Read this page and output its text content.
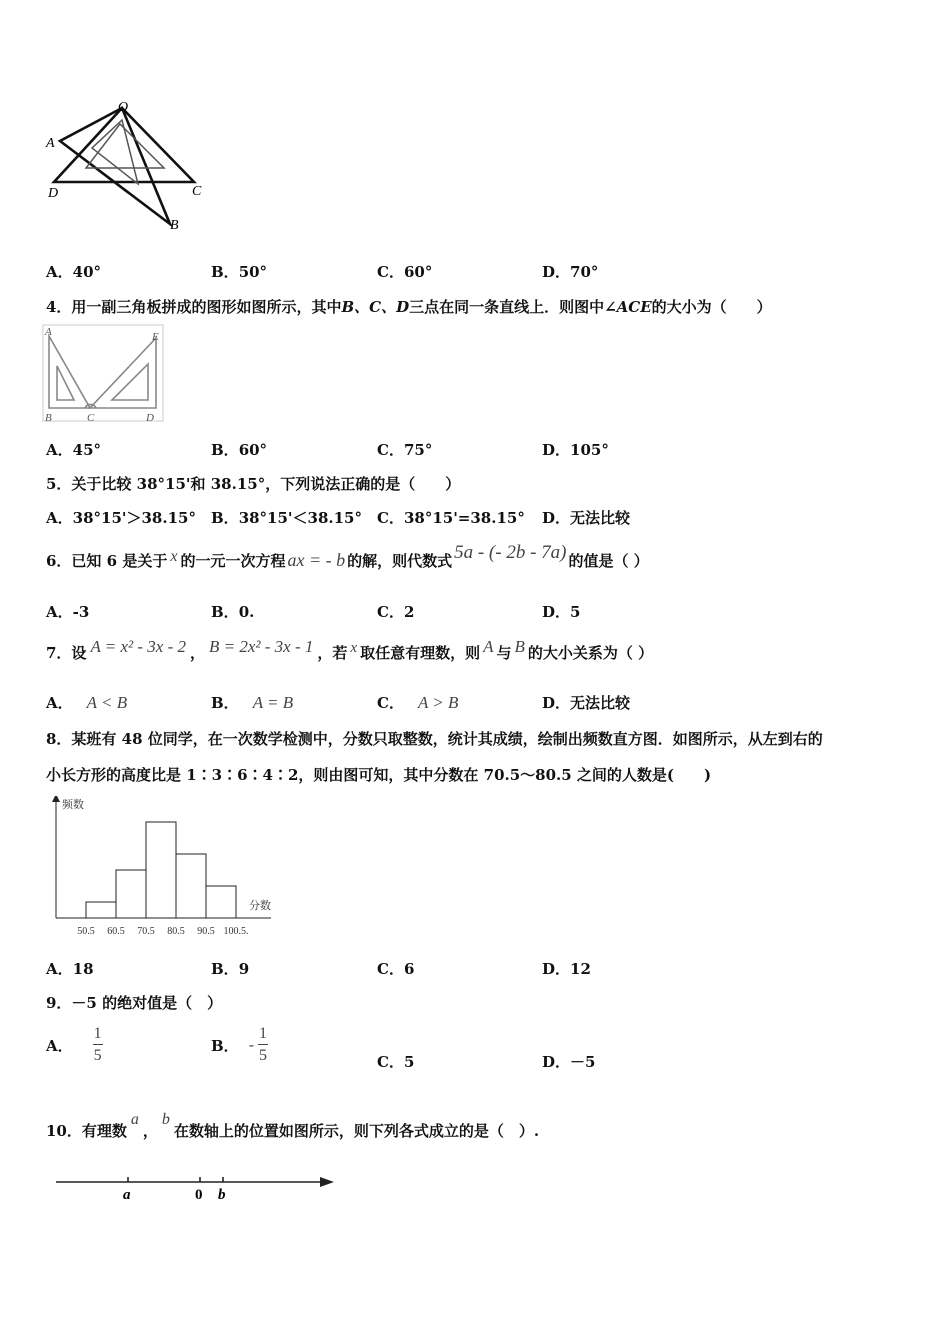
O
A
D	C
B
A．40°	B．50°	C．60°	D．70°
4．用一副三角板拼成的图形如图所示，其中B、C、D三点在同一条直线上．则图中∠ACE的大小为（　　）
A	E
B	C	D
A．45°	B．60°	C．75°	D．105°
5．关于比较 38°15'和 38.15°，下列说法正确的是（　　）
A．38°15'＞38.15° B．38°15'＜38.15° C．38°15'=38.15° D．无法比较
6．已知 6 是关于 x 的一元一次方程 ax = - b 的解，则代数式 5a - (- 2b - 7a) 的值是（ ）
A．-3	B．0.	C．2	D．5
7．设 A = x² - 3x - 2 ， B = 2x² - 3x - 1 ，若 x 取任意有理数，则 A 与 B 的大小关系为（ ）
A． A < B	B． A = B	C． A > B	D．无法比较
8．某班有 48 位同学，在一次数学检测中，分数只取整数，统计其成绩，绘制出频数直方图．如图所示，从左到右的
小长方形的高度比是 1∶3∶6∶4∶2，则由图可知，其中分数在 70.5～80.5 之间的人数是(　　)
频数
分数
50.5 60.5 70.5 80.5 90.5 100.5.
A．18	B．9	C．6	D．12
9．－5 的绝对值是（　）
A． $\frac{1}{5}$	B． - $\frac{1}{5}$	C．5	D．－5
10．有理数a，b在数轴上的位置如图所示，则下列各式成立的是（　）.
a	0 b
